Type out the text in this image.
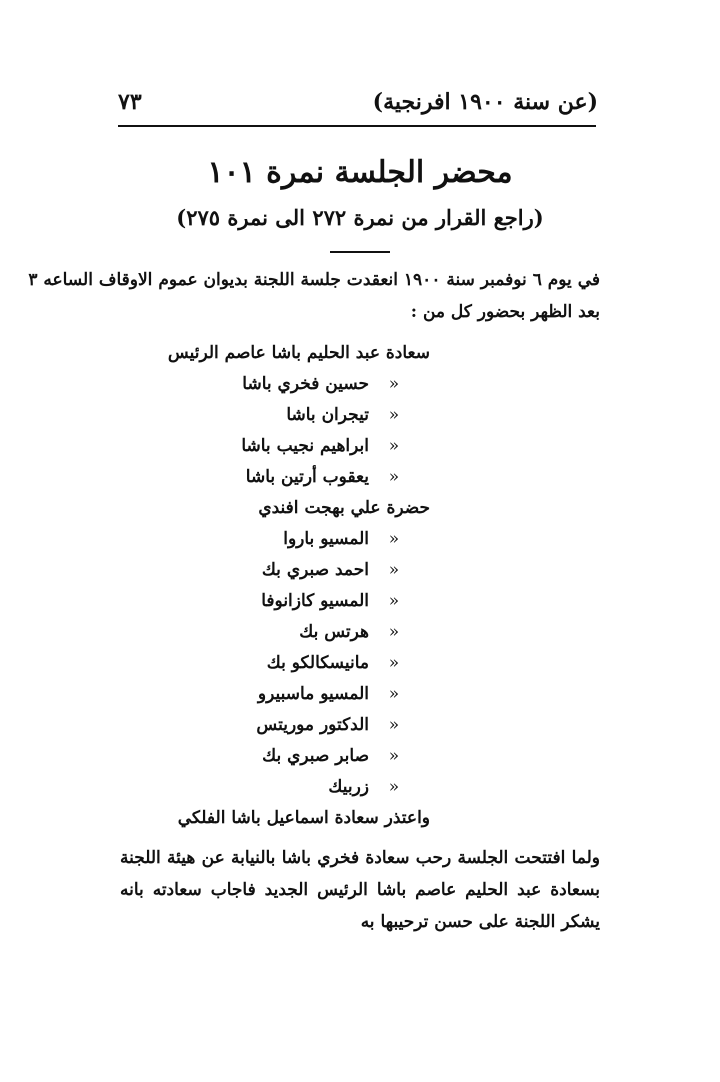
٧٣	(عن سنة ١٩٠٠ افرنجية)
محضر الجلسة نمرة ١٠١
(راجع القرار من نمرة ٢٧٢ الى نمرة ٢٧٥)
في يوم ٦ نوفمبر سنة ١٩٠٠ انعقدت جلسة اللجنة بديوان عموم الاوقاف الساعه ٣
بعد الظهر بحضور كل من :
سعادة عبد الحليم باشا عاصم الرئيس
«حسين فخري باشا
«تيجران باشا
«ابراهيم نجيب باشا
«يعقوب أرتين باشا
حضرة علي بهجت افندي
«المسيو باروا
«احمد صبري بك
«المسيو كازانوفا
«هرتس بك
«مانيسكالكو بك
«المسيو ماسبيرو
«الدكتور موريتس
«صابر صبري بك
«زربيك
واعتذر سعادة اسماعيل باشا الفلكي

ولما افتتحت الجلسة رحب سعادة فخري باشا بالنيابة عن هيئة اللجنة بسعادة عبد الحليم عاصم باشا الرئيس الجديد فاجاب سعادته بانه يشكر اللجنة على حسن ترحيبها به
